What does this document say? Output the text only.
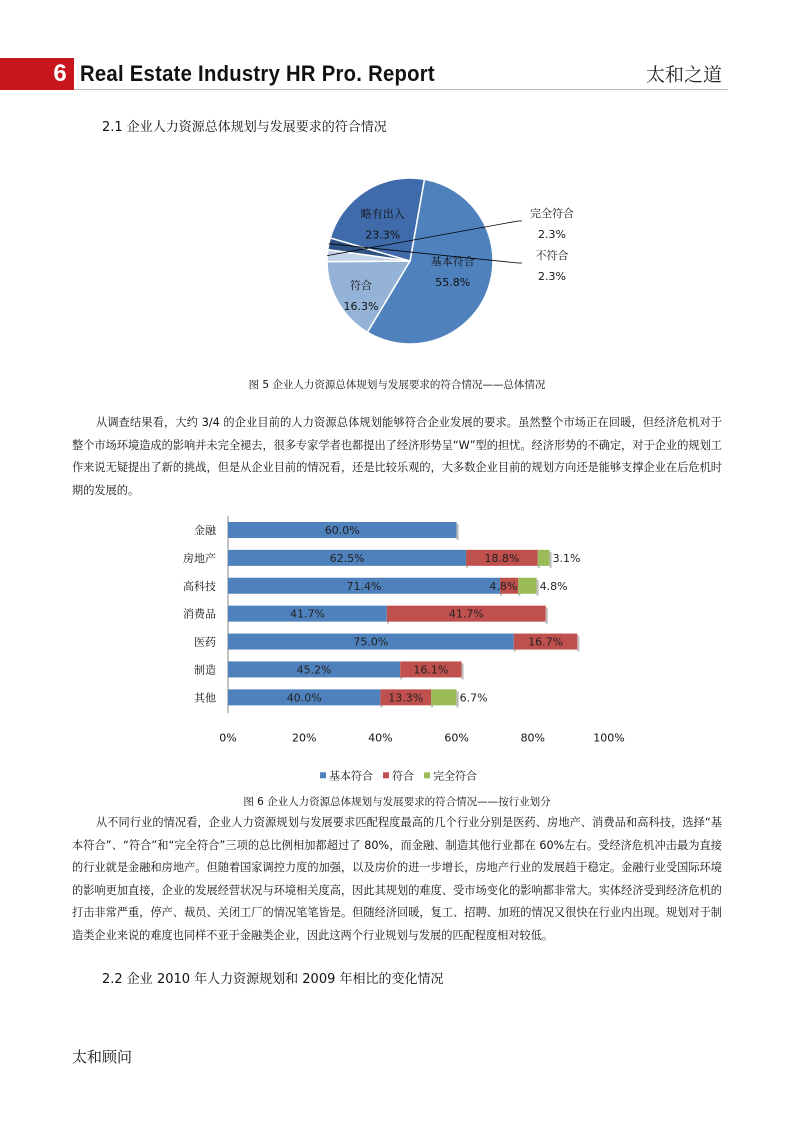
6 Real Estate Industry HR Pro. Report	太和之道
2.1 企业人力资源总体规划与发展要求的符合情况
基本符合
55.8%
符合
16.3%
完全符合
2.3%
不符合
2.3%
略有出入
23.3%
图 5 企业人力资源总体规划与发展要求的符合情况——总体情况
从调查结果看，大约 3/4 的企业目前的人力资源总体规划能够符合企业发展的要求。虽然整个市场正在回暖，但经济危机对于整个市场环境造成的影响并未完全褪去，很多专家学者也都提出了经济形势呈“W”型的担忧。经济形势的不确定，对于企业的规划工作来说无疑提出了新的挑战，但是从企业目前的情况看，还是比较乐观的，大多数企业目前的规划方向还是能够支撑企业在后危机时期的发展的。
金融	60.0%
房地产	62.5%	18.8%	3.1%
高科技	71.4%	4.8% 4.8%
消费品	41.7%	41.7%
医药	75.0%	16.7%
制造	45.2%	16.1%
其他	40.0%	13.3%	6.7%
0%	20%	40%	60%	80%	100%
基本符合 符合 完全符合
图 6 企业人力资源总体规划与发展要求的符合情况——按行业划分
从不同行业的情况看，企业人力资源规划与发展要求匹配程度最高的几个行业分别是医药、房地产、消费品和高科技，选择“基本符合”、“符合”和“完全符合”三项的总比例相加都超过了 80%，而金融、制造其他行业都在 60%左右。受经济危机冲击最为直接的行业就是金融和房地产。但随着国家调控力度的加强，以及房价的进一步增长，房地产行业的发展趋于稳定。金融行业受国际环境的影响更加直接，企业的发展经营状况与环境相关度高，因此其规划的难度、受市场变化的影响都非常大。实体经济受到经济危机的打击非常严重，停产、裁员、关闭工厂的情况笔笔皆是。但随经济回暖，复工、招聘、加班的情况又很快在行业内出现。规划对于制造类企业来说的难度也同样不亚于金融类企业，因此这两个行业规划与发展的匹配程度相对较低。
2.2 企业 2010 年人力资源规划和 2009 年相比的变化情况
太和顾问
